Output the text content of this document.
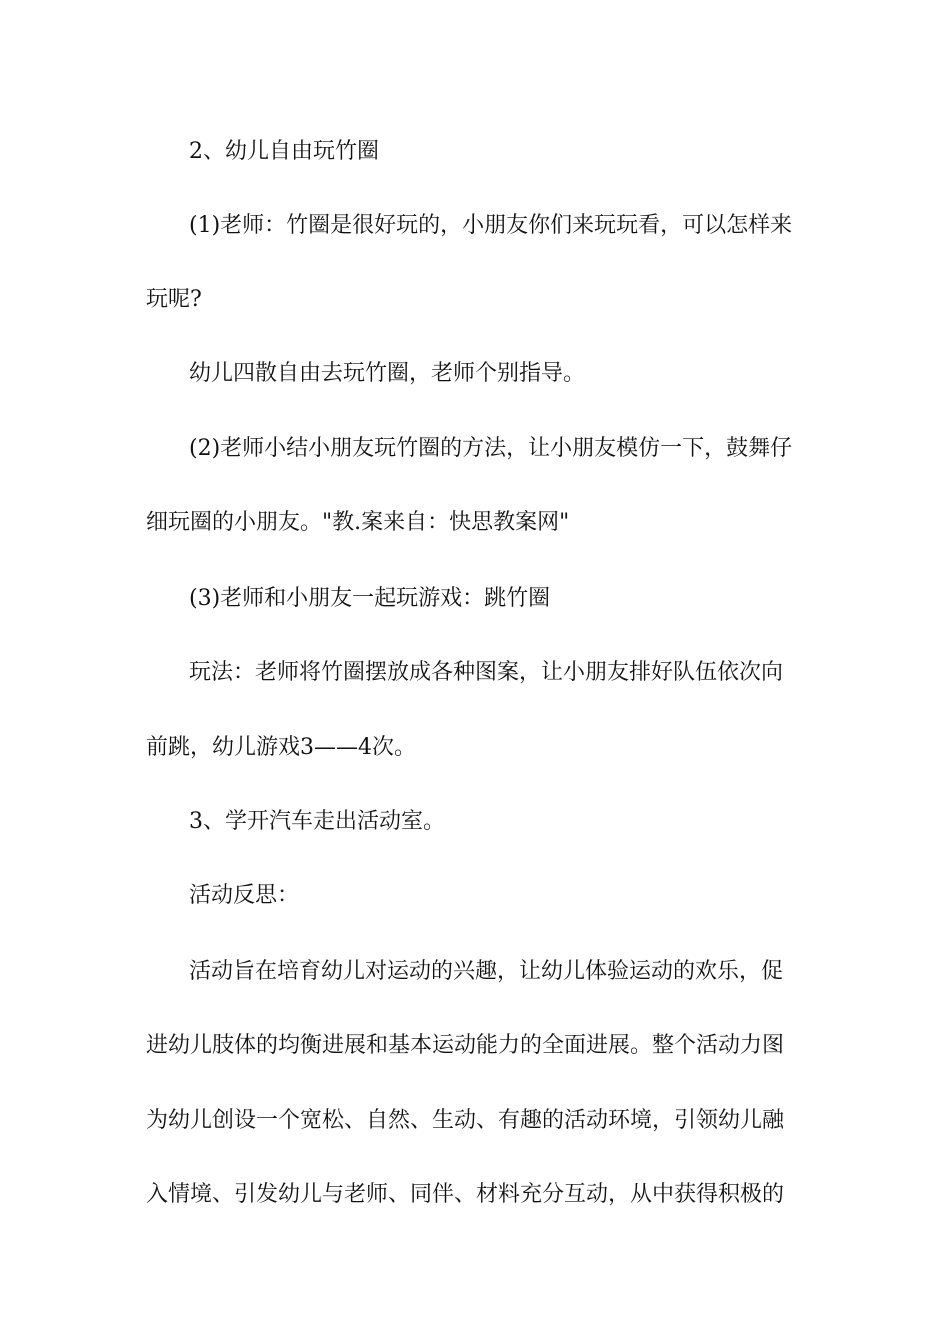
2、幼儿自由玩竹圈
(1)老师：竹圈是很好玩的，小朋友你们来玩玩看，可以怎样来
玩呢?
幼儿四散自由去玩竹圈，老师个别指导。
(2)老师小结小朋友玩竹圈的方法，让小朋友模仿一下，鼓舞仔
细玩圈的小朋友。"教.案来自：快思教案网"
(3)老师和小朋友一起玩游戏：跳竹圈
玩法：老师将竹圈摆放成各种图案，让小朋友排好队伍依次向
前跳，幼儿游戏3——4次。
3、学开汽车走出活动室。
活动反思：
活动旨在培育幼儿对运动的兴趣，让幼儿体验运动的欢乐，促
进幼儿肢体的均衡进展和基本运动能力的全面进展。整个活动力图
为幼儿创设一个宽松、自然、生动、有趣的活动环境，引领幼儿融
入情境、引发幼儿与老师、同伴、材料充分互动，从中获得积极的
